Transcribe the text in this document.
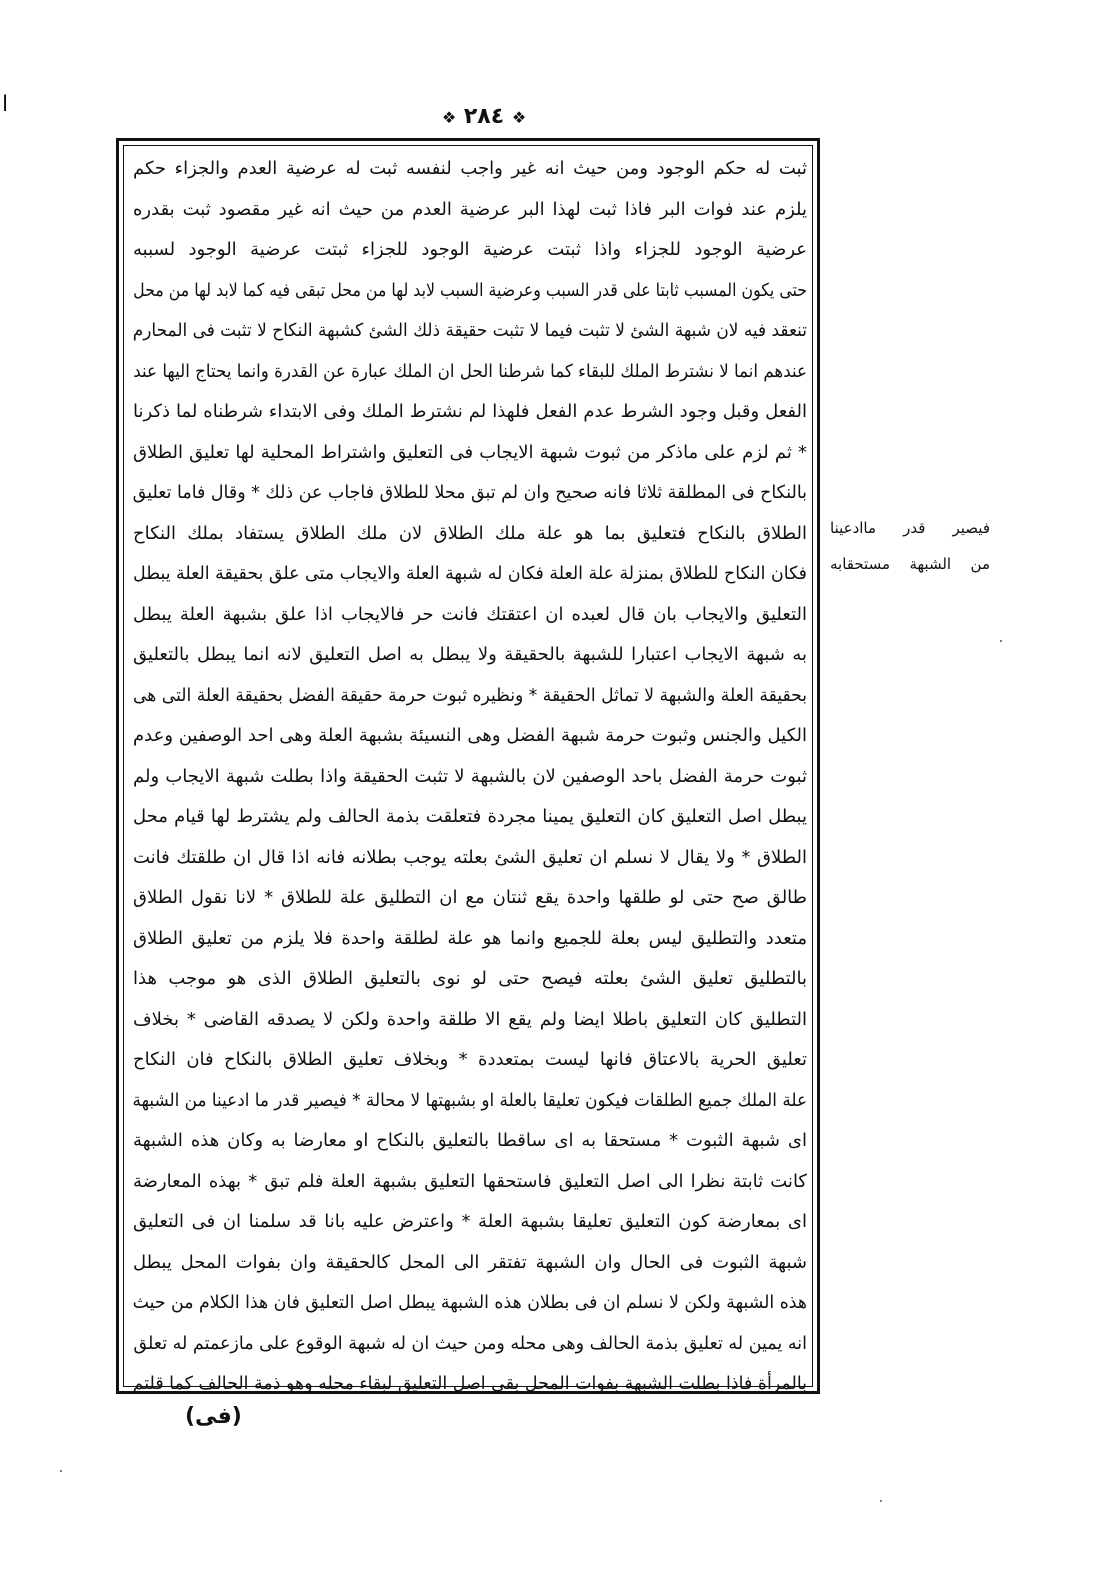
ا
❖ ٢٨٤ ❖
ثبت له حكم الوجود ومن حيث انه غير واجب لنفسه ثبت له عرضية العدم والجزاء حكم
يلزم عند فوات البر فاذا ثبت لهذا البر عرضية العدم من حيث انه غير مقصود ثبت بقدره
عرضية الوجود للجزاء واذا ثبتت عرضية الوجود للجزاء ثبتت عرضية الوجود لسببه
حتى يكون المسبب ثابتا على قدر السبب وعرضية السبب لابد لها من محل تبقى فيه كما لابد لها من محل
تنعقد فيه لان شبهة الشئ لا تثبت فيما لا تثبت حقيقة ذلك الشئ كشبهة النكاح لا تثبت فى المحارم
عندهم انما لا نشترط الملك للبقاء كما شرطنا الحل ان الملك عبارة عن القدرة وانما يحتاج اليها عند
الفعل وقبل وجود الشرط عدم الفعل فلهذا لم نشترط الملك وفى الابتداء شرطناه لما ذكرنا
* ثم لزم على ماذكر من ثبوت شبهة الايجاب فى التعليق واشتراط المحلية لها تعليق الطلاق
بالنكاح فى المطلقة ثلاثا فانه صحيح وان لم تبق محلا للطلاق فاجاب عن ذلك * وقال فاما تعليق
الطلاق بالنكاح فتعليق بما هو علة ملك الطلاق لان ملك الطلاق يستفاد بملك النكاح
فكان النكاح للطلاق بمنزلة علة العلة فكان له شبهة العلة والايجاب متى علق بحقيقة العلة يبطل
التعليق والايجاب بان قال لعبده ان اعتقتك فانت حر فالايجاب اذا علق بشبهة العلة يبطل
به شبهة الايجاب اعتبارا للشبهة بالحقيقة ولا يبطل به اصل التعليق لانه انما يبطل بالتعليق
بحقيقة العلة والشبهة لا تماثل الحقيقة * ونظيره ثبوت حرمة حقيقة الفضل بحقيقة العلة التى هى
الكيل والجنس وثبوت حرمة شبهة الفضل وهى النسيئة بشبهة العلة وهى احد الوصفين وعدم
ثبوت حرمة الفضل باحد الوصفين لان بالشبهة لا تثبت الحقيقة واذا بطلت شبهة الايجاب ولم
يبطل اصل التعليق كان التعليق يمينا مجردة فتعلقت بذمة الحالف ولم يشترط لها قيام محل
الطلاق * ولا يقال لا نسلم ان تعليق الشئ بعلته يوجب بطلانه فانه اذا قال ان طلقتك فانت
طالق صح حتى لو طلقها واحدة يقع ثنتان مع ان التطليق علة للطلاق * لانا نقول الطلاق
متعدد والتطليق ليس بعلة للجميع وانما هو علة لطلقة واحدة فلا يلزم من تعليق الطلاق
بالتطليق تعليق الشئ بعلته فيصح حتى لو نوى بالتعليق الطلاق الذى هو موجب هذا
التطليق كان التعليق باطلا ايضا ولم يقع الا طلقة واحدة ولكن لا يصدقه القاضى * بخلاف
تعليق الحرية بالاعتاق فانها ليست بمتعددة * وبخلاف تعليق الطلاق بالنكاح فان النكاح
علة الملك جميع الطلقات فيكون تعليقا بالعلة او بشبهتها لا محالة * فيصير قدر ما ادعينا من الشبهة
اى شبهة الثبوت * مستحقا به اى ساقطا بالتعليق بالنكاح او معارضا به وكان هذه الشبهة
كانت ثابتة نظرا الى اصل التعليق فاستحقها التعليق بشبهة العلة فلم تبق * بهذه المعارضة
اى بمعارضة كون التعليق تعليقا بشبهة العلة * واعترض عليه بانا قد سلمنا ان فى التعليق
شبهة الثبوت فى الحال وان الشبهة تفتقر الى المحل كالحقيقة وان بفوات المحل يبطل
هذه الشبهة ولكن لا نسلم ان فى بطلان هذه الشبهة يبطل اصل التعليق فان هذا الكلام من حيث
انه يمين له تعليق بذمة الحالف وهى محله ومن حيث ان له شبهة الوقوع على مازعمتم له تعلق
بالمرأة فاذا بطلت الشبهة بفوات المحل بقى اصل التعليق لبقاء محله وهو ذمة الحالف كما قلتم
فيصير قدر ماادعينا
من الشبهة مستحقابه
(فى)
